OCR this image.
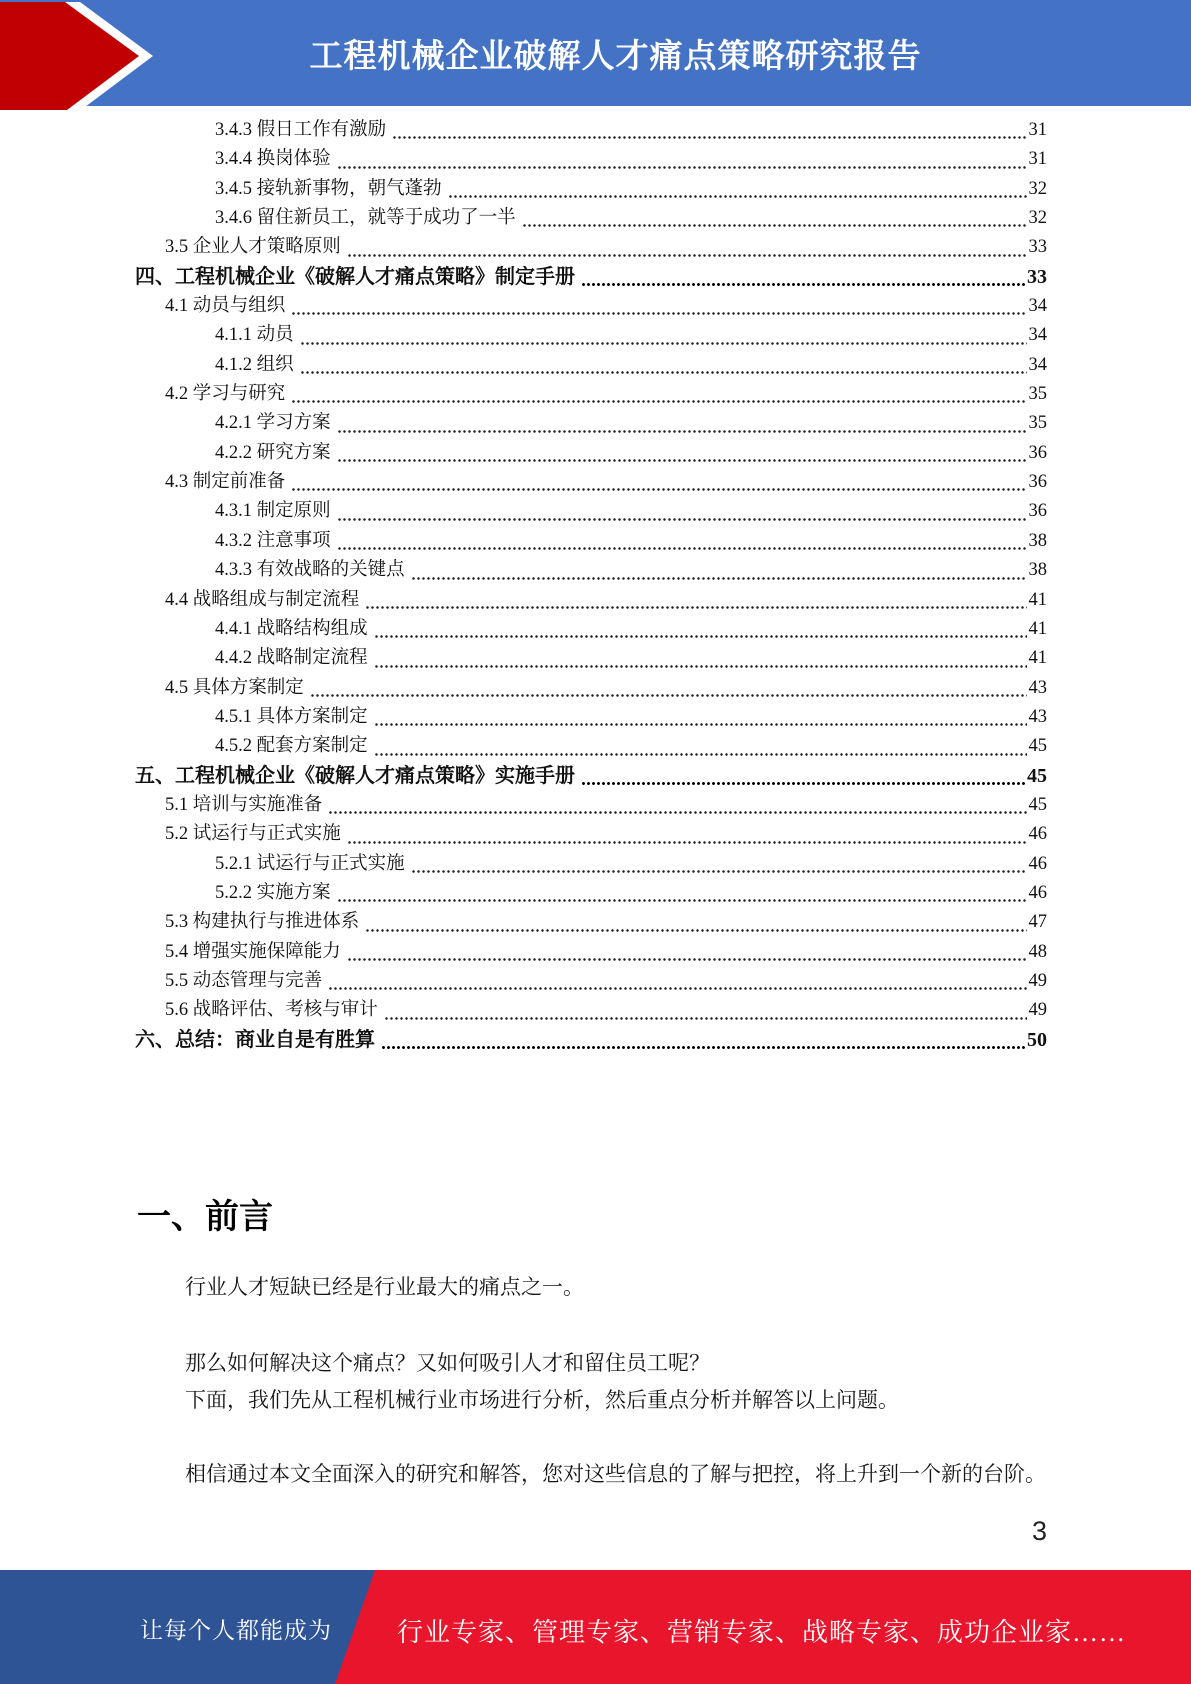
工程机械企业破解人才痛点策略研究报告
3.4.3 假日工作有激励	31
3.4.4 换岗体验	31
3.4.5 接轨新事物，朝气蓬勃	32
3.4.6 留住新员工，就等于成功了一半	32
3.5 企业人才策略原则	33
四、工程机械企业《破解人才痛点策略》制定手册	33
4.1 动员与组织	34
4.1.1 动员	34
4.1.2 组织	34
4.2 学习与研究	35
4.2.1 学习方案	35
4.2.2 研究方案	36
4.3 制定前准备	36
4.3.1 制定原则	36
4.3.2 注意事项	38
4.3.3 有效战略的关键点	38
4.4 战略组成与制定流程	41
4.4.1 战略结构组成	41
4.4.2 战略制定流程	41
4.5 具体方案制定	43
4.5.1 具体方案制定	43
4.5.2 配套方案制定	45
五、工程机械企业《破解人才痛点策略》实施手册	45
5.1 培训与实施准备	45
5.2 试运行与正式实施	46
5.2.1 试运行与正式实施	46
5.2.2 实施方案	46
5.3 构建执行与推进体系	47
5.4 增强实施保障能力	48
5.5 动态管理与完善	49
5.6 战略评估、考核与审计	49
六、总结：商业自是有胜算	50
一、前言

行业人才短缺已经是行业最大的痛点之一。

那么如何解决这个痛点？又如何吸引人才和留住员工呢？

下面，我们先从工程机械行业市场进行分析，然后重点分析并解答以上问题。

相信通过本文全面深入的研究和解答，您对这些信息的了解与把控，将上升到一个新的台阶。

3
让每个人都能成为	行业专家、管理专家、营销专家、战略专家、成功企业家……
